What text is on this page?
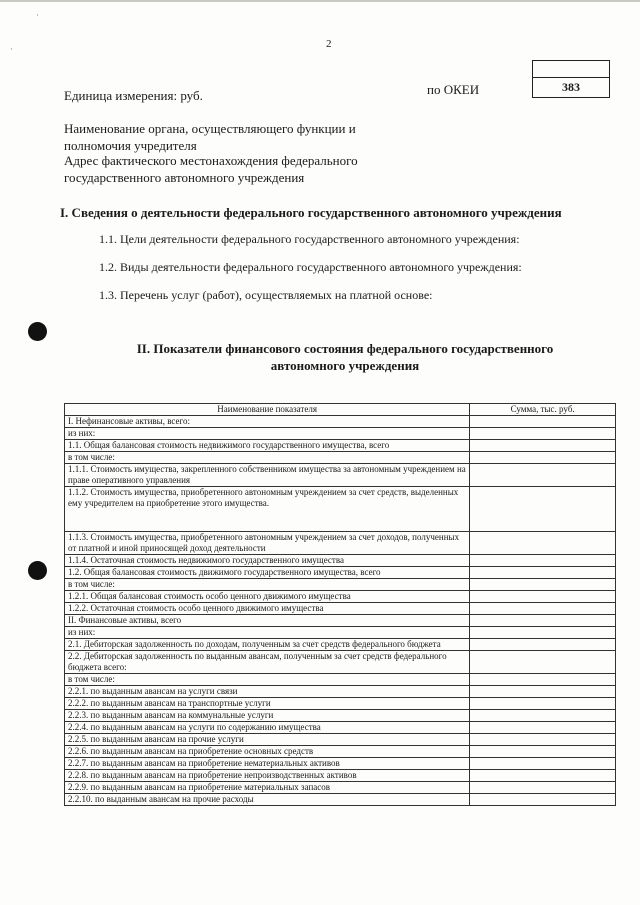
·
·	2
Единица измерения: руб.	по ОКЕИ	383
Наименование органа, осуществляющего функции и
полномочия учредителя
Адрес фактического местонахождения федерального
государственного автономного учреждения
I. Сведения о деятельности федерального государственного автономного учреждения
1.1. Цели деятельности федерального государственного автономного учреждения:
1.2. Виды деятельности федерального государственного автономного учреждения:
1.3. Перечень услуг (работ), осуществляемых на платной основе:
II. Показатели финансового состояния федерального государственного
автономного учреждения
Наименование показателя	Сумма, тыс. руб.
I. Нефинансовые активы, всего:	
из них:	
1.1. Общая балансовая стоимость недвижимого государственного имущества, всего	
в том числе:	
1.1.1. Стоимость имущества, закрепленного собственником имущества за автономным учреждением на праве оперативного управления	
1.1.2. Стоимость имущества, приобретенного автономным учреждением за счет средств, выделенных ему учредителем на приобретение этого имущества.	
1.1.3. Стоимость имущества, приобретенного автономным учреждением за счет доходов, полученных от платной и иной приносящей доход деятельности	
1.1.4. Остаточная стоимость недвижимого государственного имущества	
1.2. Общая балансовая стоимость движимого государственного имущества, всего	
в том числе:	
1.2.1. Общая балансовая стоимость особо ценного движимого имущества	
1.2.2. Остаточная стоимость особо ценного движимого имущества	
II. Финансовые активы, всего	
из них:	
2.1. Дебиторская задолженность по доходам, полученным за счет средств федерального бюджета	
2.2. Дебиторская задолженность по выданным авансам, полученным за счет средств федерального бюджета всего:	
в том числе:	
2.2.1. по выданным авансам на услуги связи	
2.2.2. по выданным авансам на транспортные услуги	
2.2.3. по выданным авансам на коммунальные услуги	
2.2.4. по выданным авансам на услуги по содержанию имущества	
2.2.5. по выданным авансам на прочие услуги	
2.2.6. по выданным авансам на приобретение основных средств	
2.2.7. по выданным авансам на приобретение нематериальных активов	
2.2.8. по выданным авансам на приобретение непроизводственных активов	
2.2.9. по выданным авансам на приобретение материальных запасов	
2.2.10. по выданным авансам на прочие расходы	
